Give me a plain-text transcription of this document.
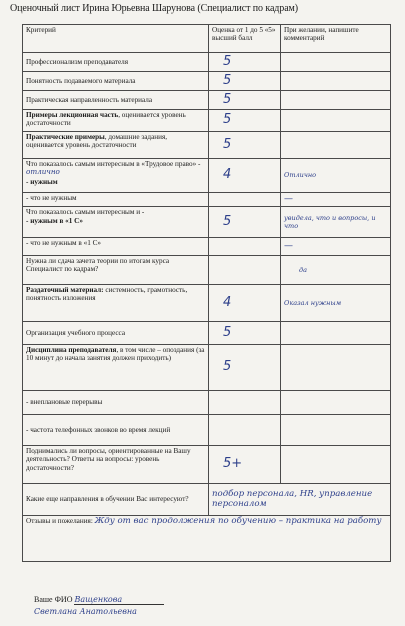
Оценочный лист Ирина Юрьевна Шарунова (Специалист по кадрам)
Критерий	Оценка от 1 до 5 «5» высший балл	При желании, напишите комментарий
Профессионализм преподавателя	5	
Понятность подаваемого материала	5	
Практическая направленность материала	5	
Примеры лекционная часть, оценивается уровень достаточности	5	
Практические примеры, домашние задания, оценивается уровень достаточности	5	
Что показалось самым интересным в «Трудовое право» - отлично
- нужным	4	Отлично
- что не нужным		—
Что показалось самым интересным и -
- нужным в «1 С»	5	увидела, что и вопросы, и что
- что не нужным в «1 С»		—
Нужна ли сдача зачета теории по итогам курса Специалист по кадрам?		да
Раздаточный материал: системность, грамотность, понятность изложения	4	Оказал нужным
Организация учебного процесса	5	
Дисциплина преподавателя, в том числе – опоздания (за 10 минут до начала занятия должен приходить)	5	
- внеплановые перерывы		
- частота телефонных звонков во время лекций		
Поднимались ли вопросы, ориентированные на Вашу деятельность? Ответы на вопросы: уровень достаточности?	5+	
Какие еще направления в обучении Вас интересуют?	подбор персонала, HR, управление персоналом	
Отзывы и пожелания: Жду от вас продолжения по обучению – практика на работу		
Ваше ФИО Ващенкова
Светлана Анатольевна
